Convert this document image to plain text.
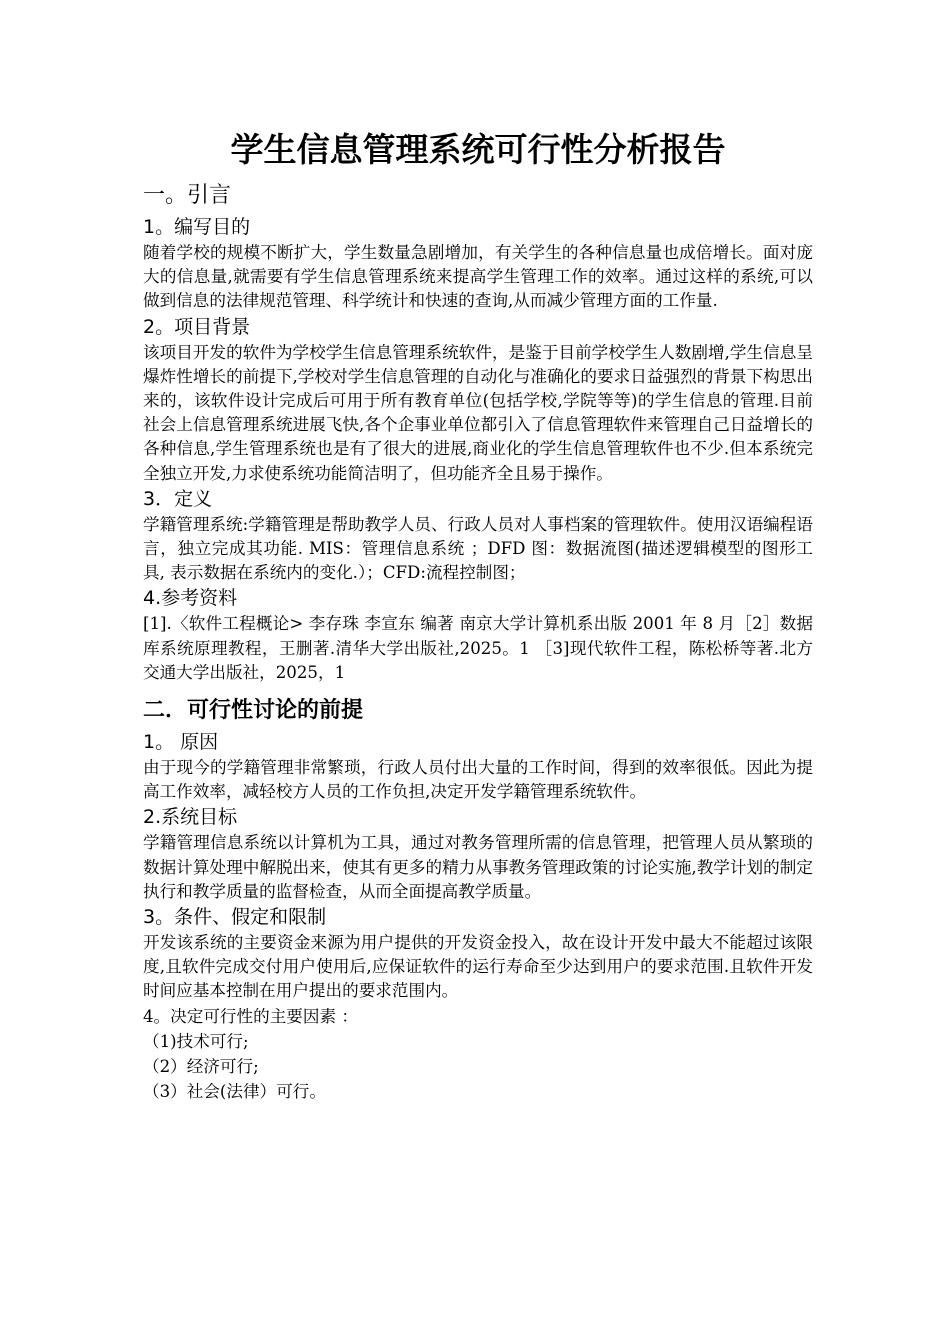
学生信息管理系统可行性分析报告
一。引言
1。编写目的
随着学校的规模不断扩大，学生数量急剧增加，有关学生的各种信息量也成倍增长。面对庞大的信息量,就需要有学生信息管理系统来提高学生管理工作的效率。通过这样的系统,可以做到信息的法律规范管理、科学统计和快速的查询,从而减少管理方面的工作量.
2。项目背景
该项目开发的软件为学校学生信息管理系统软件，是鉴于目前学校学生人数剧增,学生信息呈爆炸性增长的前提下,学校对学生信息管理的自动化与准确化的要求日益强烈的背景下构思出来的，该软件设计完成后可用于所有教育单位(包括学校,学院等等)的学生信息的管理.目前社会上信息管理系统进展飞快,各个企事业单位都引入了信息管理软件来管理自己日益增长的各种信息,学生管理系统也是有了很大的进展,商业化的学生信息管理软件也不少.但本系统完全独立开发,力求使系统功能简洁明了，但功能齐全且易于操作。
3．定义
学籍管理系统:学籍管理是帮助教学人员、行政人员对人事档案的管理软件。使用汉语编程语言，独立完成其功能. MIS：管理信息系统 ；DFD 图：数据流图(描述逻辑模型的图形工具, 表示数据在系统内的变化.）；CFD:流程控制图；
4.参考资料
[1].〈软件工程概论> 李存珠 李宣东 编著 南京大学计算机系出版 2001 年 8 月［2］数据库系统原理教程，王删著.清华大学出版社,2025。1 ［3]现代软件工程，陈松桥等著.北方交通大学出版社，2025，1
二．可行性讨论的前提
1。 原因
由于现今的学籍管理非常繁琐，行政人员付出大量的工作时间，得到的效率很低。因此为提高工作效率，减轻校方人员的工作负担,决定开发学籍管理系统软件。
2.系统目标
学籍管理信息系统以计算机为工具，通过对教务管理所需的信息管理，把管理人员从繁琐的数据计算处理中解脱出来，使其有更多的精力从事教务管理政策的讨论实施,教学计划的制定执行和教学质量的监督检查，从而全面提高教学质量。
3。条件、假定和限制
开发该系统的主要资金来源为用户提供的开发资金投入，故在设计开发中最大不能超过该限度,且软件完成交付用户使用后,应保证软件的运行寿命至少达到用户的要求范围.且软件开发时间应基本控制在用户提出的要求范围内。
4。决定可行性的主要因素 ：
（1)技术可行;
（2）经济可行;
（3）社会(法律）可行。
